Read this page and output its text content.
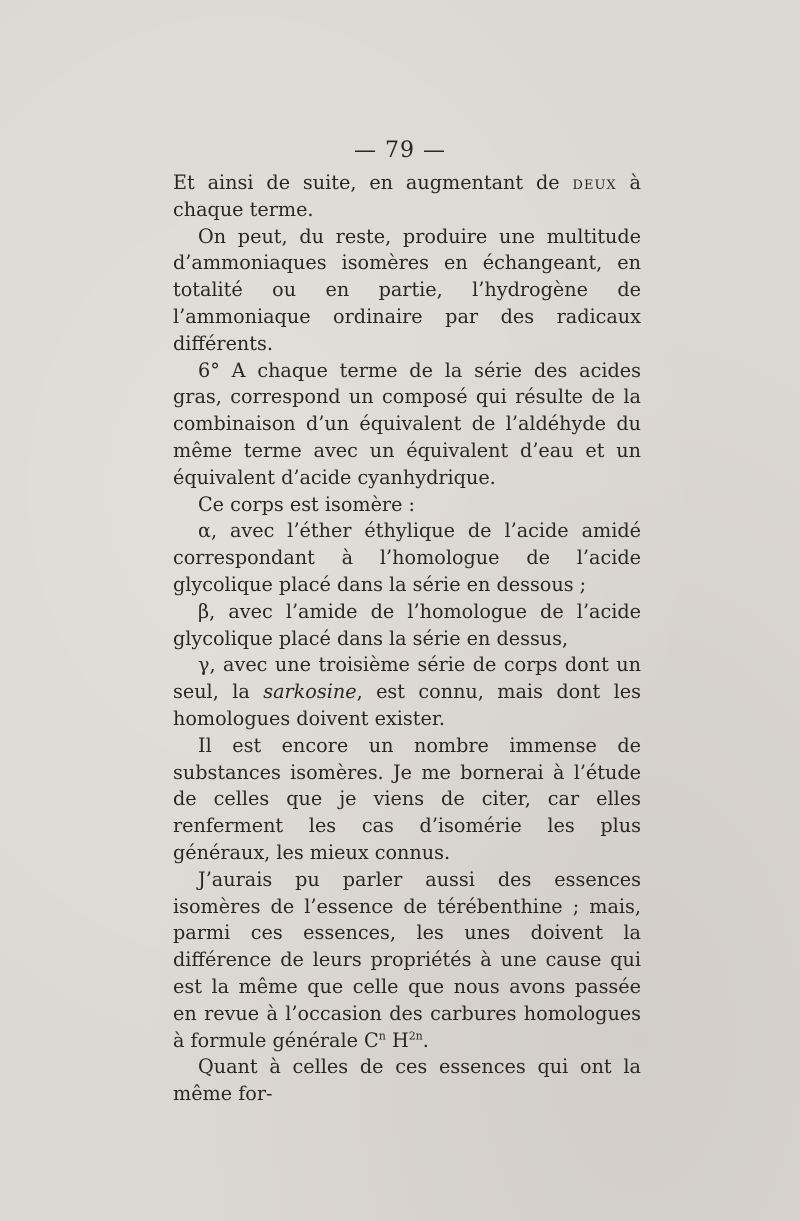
— 79 —

Et ainsi de suite, en augmentant de deux à chaque terme.

On peut, du reste, produire une multitude d’ammoniaques isomères en échangeant, en totalité ou en partie, l’hydrogène de l’ammoniaque ordinaire par des radicaux différents.

6° A chaque terme de la série des acides gras, correspond un composé qui résulte de la combinaison d’un équivalent de l’aldéhyde du même terme avec un équivalent d’eau et un équivalent d’acide cyanhydrique.

Ce corps est isomère :

α, avec l’éther éthylique de l’acide amidé correspondant à l’homologue de l’acide glycolique placé dans la série en dessous ;

β, avec l’amide de l’homologue de l’acide glycolique placé dans la série en dessus,

γ, avec une troisième série de corps dont un seul, la sarkosine, est connu, mais dont les homologues doivent exister.

Il est encore un nombre immense de substances isomères. Je me bornerai à l’étude de celles que je viens de citer, car elles renferment les cas d’isomérie les plus généraux, les mieux connus.

J’aurais pu parler aussi des essences isomères de l’essence de térébenthine ; mais, parmi ces essences, les unes doivent la différence de leurs propriétés à une cause qui est la même que celle que nous avons passée en revue à l’occasion des carbures homologues à formule générale $C^n$ $H^{2n}$.

Quant à celles de ces essences qui ont la même for-
